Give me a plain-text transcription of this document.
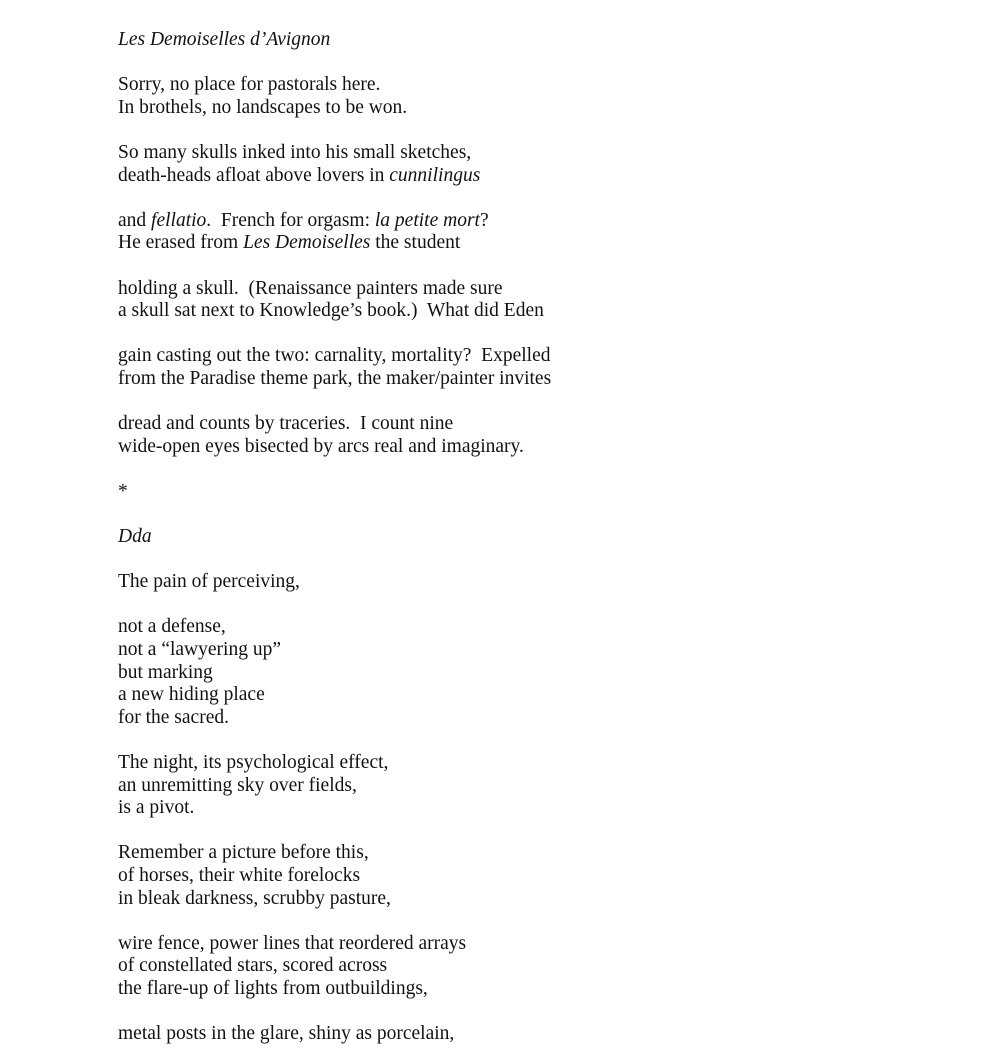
Les Demoiselles d’Avignon
Sorry, no place for pastorals here.
In brothels, no landscapes to be won.
So many skulls inked into his small sketches,
death-heads afloat above lovers in cunnilingus
and fellatio.  French for orgasm: la petite mort?
He erased from Les Demoiselles the student
holding a skull.  (Renaissance painters made sure
a skull sat next to Knowledge’s book.)  What did Eden
gain casting out the two: carnality, mortality?  Expelled
from the Paradise theme park, the maker/painter invites
dread and counts by traceries.  I count nine
wide-open eyes bisected by arcs real and imaginary.
*
Dda
The pain of perceiving,
not a defense,
not a “lawyering up”
but marking
a new hiding place
for the sacred.
The night, its psychological effect,
an unremitting sky over fields,
is a pivot.
Remember a picture before this,
of horses, their white forelocks
in bleak darkness, scrubby pasture,
wire fence, power lines that reordered arrays
of constellated stars, scored across
the flare-up of lights from outbuildings,
metal posts in the glare, shiny as porcelain,
